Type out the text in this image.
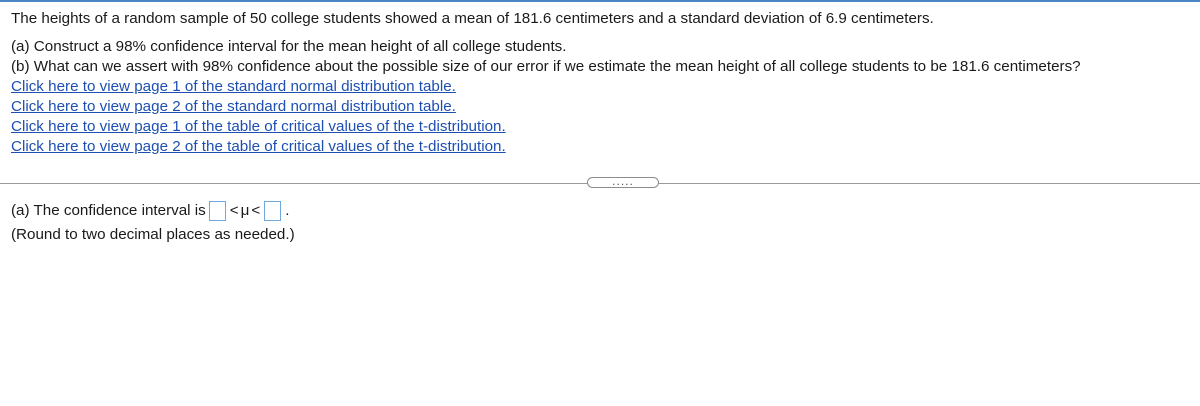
The heights of a random sample of 50 college students showed a mean of 181.6 centimeters and a standard deviation of 6.9 centimeters.

(a) Construct a 98% confidence interval for the mean height of all college students.

(b) What can we assert with 98% confidence about the possible size of our error if we estimate the mean height of all college students to be 181.6 centimeters?

Click here to view page 1 of the standard normal distribution table.
Click here to view page 2 of the standard normal distribution table.
Click here to view page 1 of the table of critical values of the t-distribution.
Click here to view page 2 of the table of critical values of the t-distribution.
.....
(a) The confidence interval is < μ < .
(Round to two decimal places as needed.)
